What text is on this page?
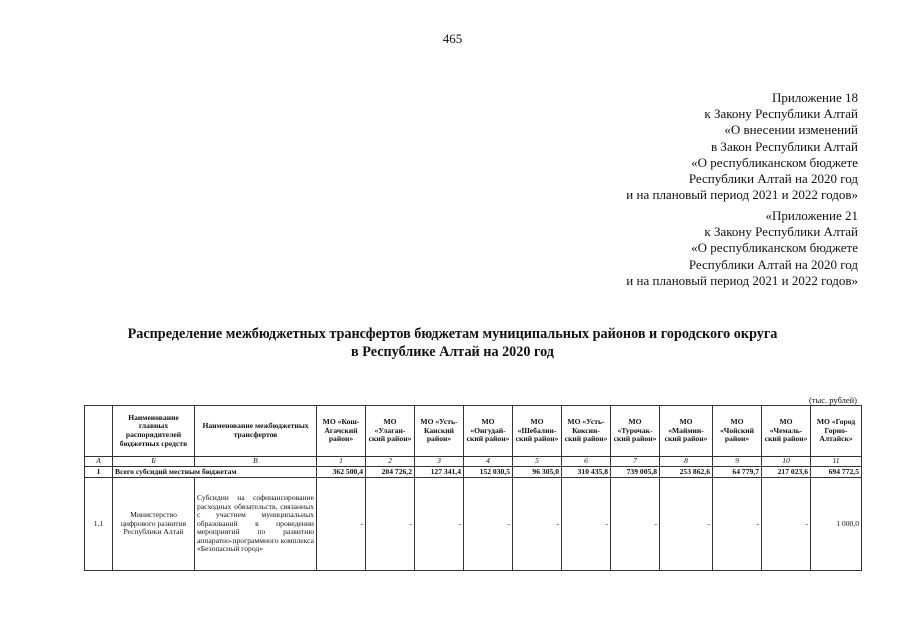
465
Приложение 18
к Закону Республики Алтай
«О внесении изменений
в Закон Республики Алтай
«О республиканском бюджете
Республики Алтай на 2020 год
и на плановый период 2021 и 2022 годов»
«Приложение 21
к Закону Республики Алтай
«О республиканском бюджете
Республики Алтай на 2020 год
и на плановый период 2021 и 2022 годов»
Распределение межбюджетных трансфертов бюджетам муниципальных районов и городского округа
в Республике Алтай на 2020 год
(тыс. рублей)
	Наименование главных распорядителей бюджетных средств	Наименование межбюджетных трансфертов	МО «Кош-Агачский район»	МО «Улаган-ский район»	МО «Усть-Канский район»	МО «Онгудай-ский район»	МО «Шебалин-ский район»	МО «Усть-Коксин-ский район»	МО «Турочак-ский район»	МО «Маймин-ский район»	МО «Чойский район»	МО «Чемаль-ский район»	МО «Город Горно-Алтайск»
А	Б	В	1	2	3	4	5	6	7	8	9	10	11
1	Всего субсидий местным бюджетам		362 500,4	204 726,2	127 341,4	152 030,5	96 305,0	310 435,8	739 005,8	253 862,6	64 779,7	217 023,6	694 772,5
1.1	Министерство цифрового развития Республики Алтай	Субсидии на софинансирование расходных обязательств, связанных с участием муниципальных образований в проведении мероприятий по развитию аппаратно-программного комплекса «Безопасный город»	-	-	-	-	-	-	-	-	-	-	1 000,0
